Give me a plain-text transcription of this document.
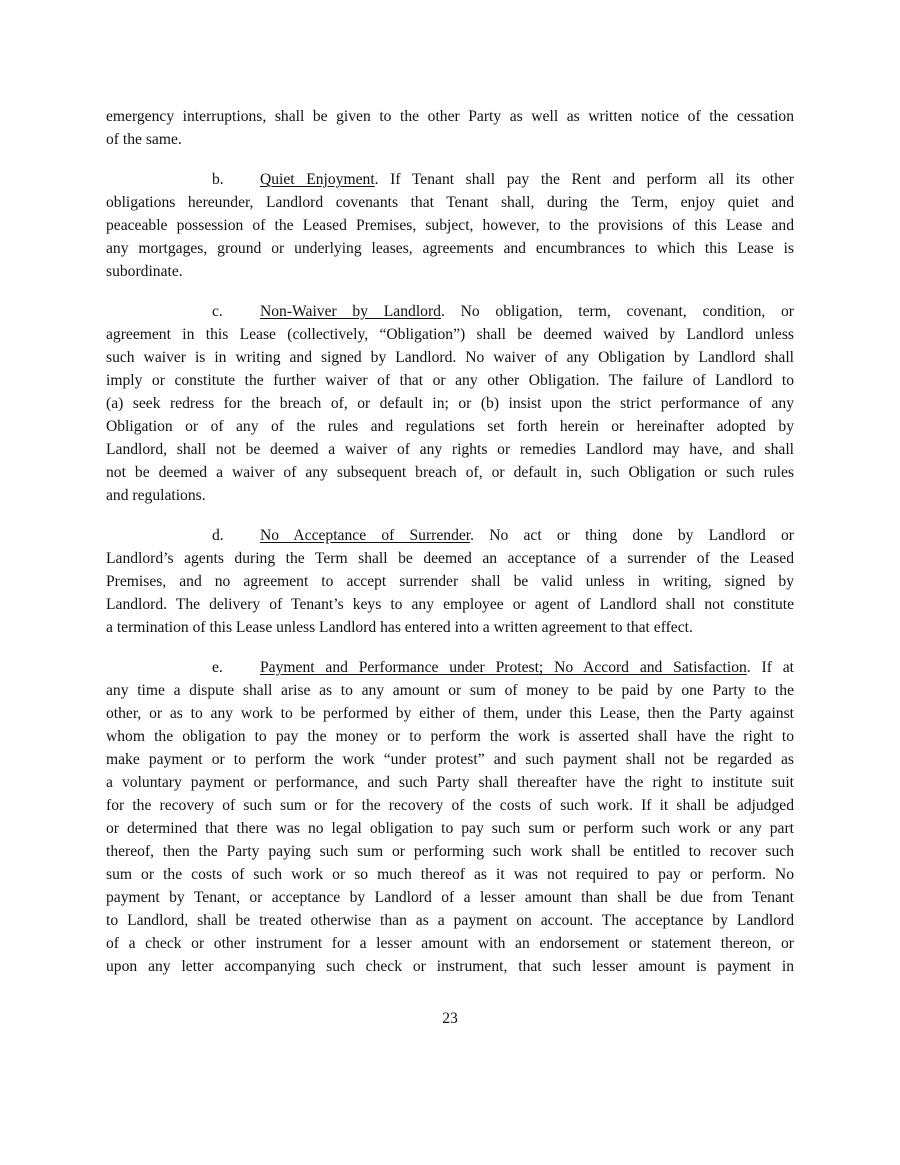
emergency interruptions, shall be given to the other Party as well as written notice of the cessation
of the same.
b. Quiet Enjoyment. If Tenant shall pay the Rent and perform all its other
obligations hereunder, Landlord covenants that Tenant shall, during the Term, enjoy quiet and
peaceable possession of the Leased Premises, subject, however, to the provisions of this Lease and
any mortgages, ground or underlying leases, agreements and encumbrances to which this Lease is
subordinate.
c. Non-Waiver by Landlord. No obligation, term, covenant, condition, or
agreement in this Lease (collectively, “Obligation”) shall be deemed waived by Landlord unless
such waiver is in writing and signed by Landlord. No waiver of any Obligation by Landlord shall
imply or constitute the further waiver of that or any other Obligation. The failure of Landlord to
(a) seek redress for the breach of, or default in; or (b) insist upon the strict performance of any
Obligation or of any of the rules and regulations set forth herein or hereinafter adopted by
Landlord, shall not be deemed a waiver of any rights or remedies Landlord may have, and shall
not be deemed a waiver of any subsequent breach of, or default in, such Obligation or such rules
and regulations.
d. No Acceptance of Surrender. No act or thing done by Landlord or
Landlord’s agents during the Term shall be deemed an acceptance of a surrender of the Leased
Premises, and no agreement to accept surrender shall be valid unless in writing, signed by
Landlord. The delivery of Tenant’s keys to any employee or agent of Landlord shall not constitute
a termination of this Lease unless Landlord has entered into a written agreement to that effect.
e. Payment and Performance under Protest; No Accord and Satisfaction. If at
any time a dispute shall arise as to any amount or sum of money to be paid by one Party to the
other, or as to any work to be performed by either of them, under this Lease, then the Party against
whom the obligation to pay the money or to perform the work is asserted shall have the right to
make payment or to perform the work “under protest” and such payment shall not be regarded as
a voluntary payment or performance, and such Party shall thereafter have the right to institute suit
for the recovery of such sum or for the recovery of the costs of such work. If it shall be adjudged
or determined that there was no legal obligation to pay such sum or perform such work or any part
thereof, then the Party paying such sum or performing such work shall be entitled to recover such
sum or the costs of such work or so much thereof as it was not required to pay or perform. No
payment by Tenant, or acceptance by Landlord of a lesser amount than shall be due from Tenant
to Landlord, shall be treated otherwise than as a payment on account. The acceptance by Landlord
of a check or other instrument for a lesser amount with an endorsement or statement thereon, or
upon any letter accompanying such check or instrument, that such lesser amount is payment in
23
